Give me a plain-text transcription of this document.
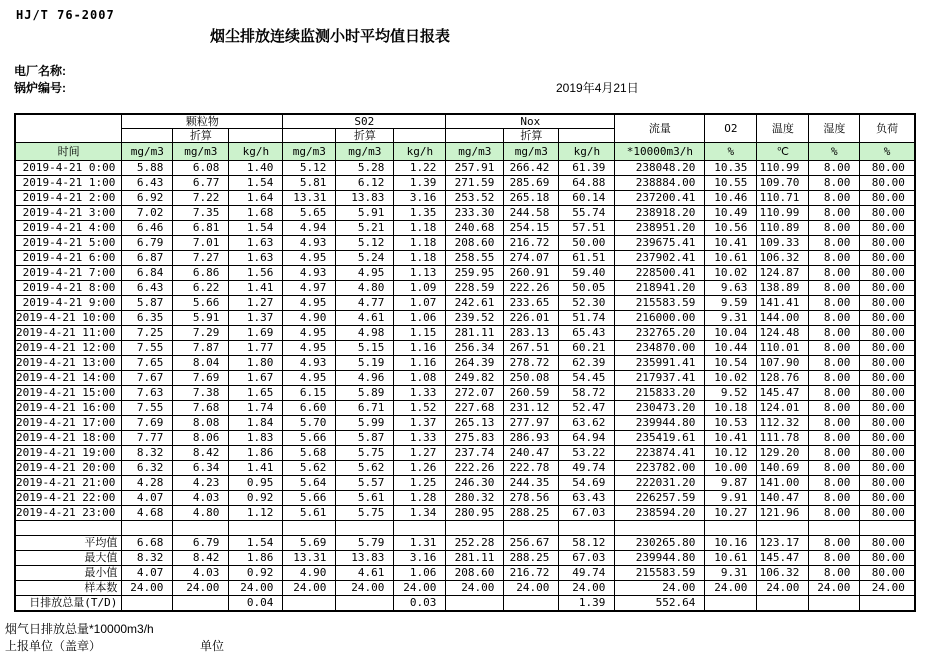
HJ/T 76-2007
烟尘排放连续监测小时平均值日报表
电厂名称:
锅炉编号:	2019年4月21日
	颗粒物			S02			Nox			流量	O2	温度	湿度	负荷
		折算			折算			折算						
时间	mg/m3	mg/m3	kg/h	mg/m3	mg/m3	kg/h	mg/m3	mg/m3	kg/h	*10000m3/h	%	℃	%	%
2019-4-21 0:00	5.88	6.08	1.40	5.12	5.28	1.22	257.91	266.42	61.39	238048.20	10.35	110.99	8.00	80.00
2019-4-21 1:00	6.43	6.77	1.54	5.81	6.12	1.39	271.59	285.69	64.88	238884.00	10.55	109.70	8.00	80.00
2019-4-21 2:00	6.92	7.22	1.64	13.31	13.83	3.16	253.52	265.18	60.14	237200.41	10.46	110.71	8.00	80.00
2019-4-21 3:00	7.02	7.35	1.68	5.65	5.91	1.35	233.30	244.58	55.74	238918.20	10.49	110.99	8.00	80.00
2019-4-21 4:00	6.46	6.81	1.54	4.94	5.21	1.18	240.68	254.15	57.51	238951.20	10.56	110.89	8.00	80.00
2019-4-21 5:00	6.79	7.01	1.63	4.93	5.12	1.18	208.60	216.72	50.00	239675.41	10.41	109.33	8.00	80.00
2019-4-21 6:00	6.87	7.27	1.63	4.95	5.24	1.18	258.55	274.07	61.51	237902.41	10.61	106.32	8.00	80.00
2019-4-21 7:00	6.84	6.86	1.56	4.93	4.95	1.13	259.95	260.91	59.40	228500.41	10.02	124.87	8.00	80.00
2019-4-21 8:00	6.43	6.22	1.41	4.97	4.80	1.09	228.59	222.26	50.05	218941.20	9.63	138.89	8.00	80.00
2019-4-21 9:00	5.87	5.66	1.27	4.95	4.77	1.07	242.61	233.65	52.30	215583.59	9.59	141.41	8.00	80.00
2019-4-21 10:00	6.35	5.91	1.37	4.90	4.61	1.06	239.52	226.01	51.74	216000.00	9.31	144.00	8.00	80.00
2019-4-21 11:00	7.25	7.29	1.69	4.95	4.98	1.15	281.11	283.13	65.43	232765.20	10.04	124.48	8.00	80.00
2019-4-21 12:00	7.55	7.87	1.77	4.95	5.15	1.16	256.34	267.51	60.21	234870.00	10.44	110.01	8.00	80.00
2019-4-21 13:00	7.65	8.04	1.80	4.93	5.19	1.16	264.39	278.72	62.39	235991.41	10.54	107.90	8.00	80.00
2019-4-21 14:00	7.67	7.69	1.67	4.95	4.96	1.08	249.82	250.08	54.45	217937.41	10.02	128.76	8.00	80.00
2019-4-21 15:00	7.63	7.38	1.65	6.15	5.89	1.33	272.07	260.59	58.72	215833.20	9.52	145.47	8.00	80.00
2019-4-21 16:00	7.55	7.68	1.74	6.60	6.71	1.52	227.68	231.12	52.47	230473.20	10.18	124.01	8.00	80.00
2019-4-21 17:00	7.69	8.08	1.84	5.70	5.99	1.37	265.13	277.97	63.62	239944.80	10.53	112.32	8.00	80.00
2019-4-21 18:00	7.77	8.06	1.83	5.66	5.87	1.33	275.83	286.93	64.94	235419.61	10.41	111.78	8.00	80.00
2019-4-21 19:00	8.32	8.42	1.86	5.68	5.75	1.27	237.74	240.47	53.22	223874.41	10.12	129.20	8.00	80.00
2019-4-21 20:00	6.32	6.34	1.41	5.62	5.62	1.26	222.26	222.78	49.74	223782.00	10.00	140.69	8.00	80.00
2019-4-21 21:00	4.28	4.23	0.95	5.64	5.57	1.25	246.30	244.35	54.69	222031.20	9.87	141.00	8.00	80.00
2019-4-21 22:00	4.07	4.03	0.92	5.66	5.61	1.28	280.32	278.56	63.43	226257.59	9.91	140.47	8.00	80.00
2019-4-21 23:00	4.68	4.80	1.12	5.61	5.75	1.34	280.95	288.25	67.03	238594.20	10.27	121.96	8.00	80.00

平均值	6.68	6.79	1.54	5.69	5.79	1.31	252.28	256.67	58.12	230265.80	10.16	123.17	8.00	80.00
最大值	8.32	8.42	1.86	13.31	13.83	3.16	281.11	288.25	67.03	239944.80	10.61	145.47	8.00	80.00
最小值	4.07	4.03	0.92	4.90	4.61	1.06	208.60	216.72	49.74	215583.59	9.31	106.32	8.00	80.00
样本数	24.00	24.00	24.00	24.00	24.00	24.00	24.00	24.00	24.00	24.00	24.00	24.00	24.00	24.00
日排放总量(T/D)			0.04			0.03			1.39	552.64				
烟气日排放总量*10000m3/h
上报单位（盖章）	单位
